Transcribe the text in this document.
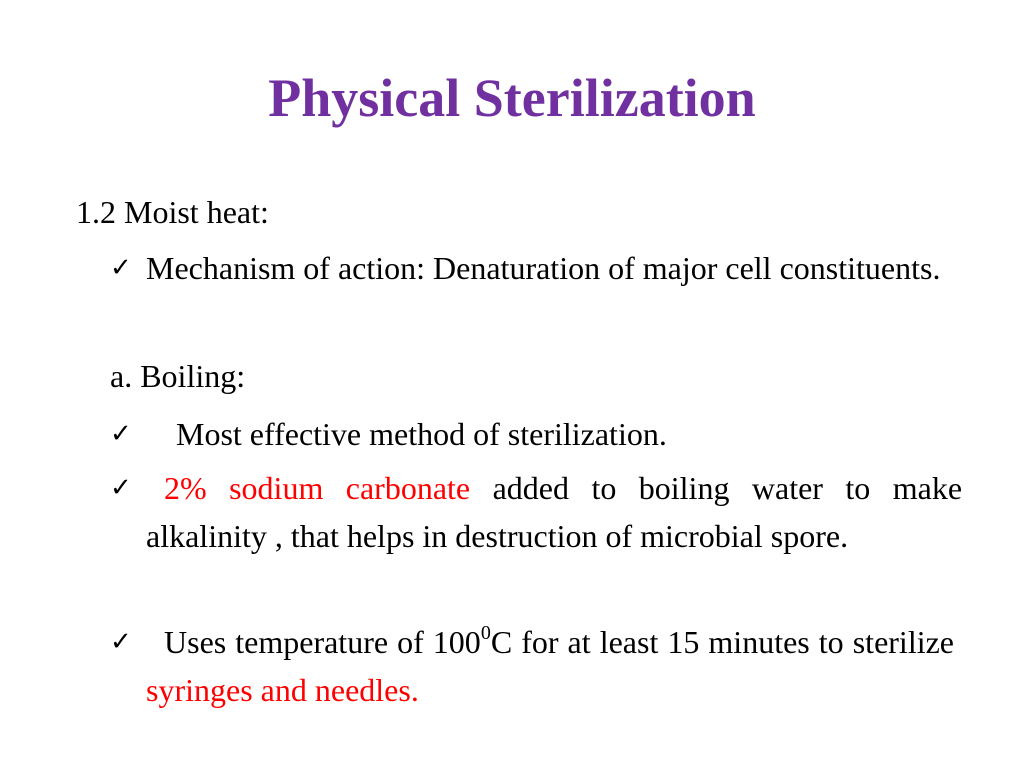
Physical Sterilization
1.2 Moist heat:
✓ Mechanism of action: Denaturation of major cell constituents.
a. Boiling:
✓	Most effective method of sterilization.
✓	2% sodium carbonate added to boiling water to make alkalinity , that helps in destruction of microbial spore.
✓	Uses temperature of $100^0C$ for at least 15 minutes to sterilize  syringes and needles.
